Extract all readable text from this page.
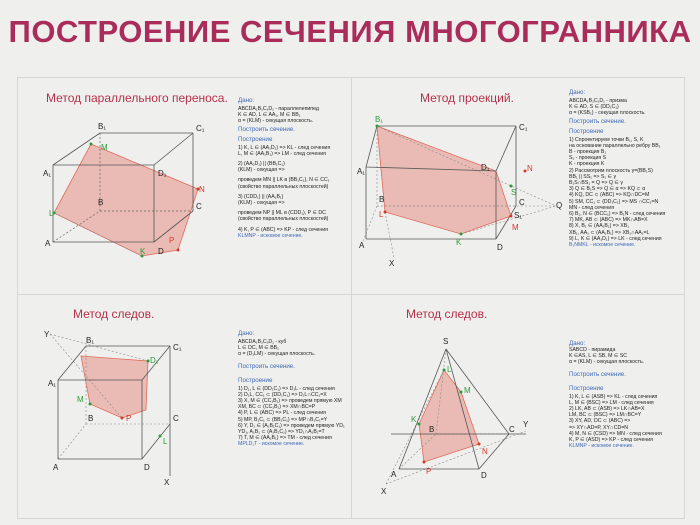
ПОСТРОЕНИЕ СЕЧЕНИЯ МНОГОГРАННИКА
Метод параллельного переноса.
A
B	C
D
A₁
B₁	C₁
D₁
K
L
M
N
P

Дано:

ABCDA₁B₁C₁D₁ - параллелепипед

K ∈ AD, L ∈ AA₁, M ∈ BB₁

α = (KLM) - секущая плоскость.

Построить сечение.

Построение

1) K, L ∈ (AA₁D₁) => KL - след сечения

L, M ∈ (AA₁B₁) => LM - след сечения

2) (AA₁D₁) || (BB₁C₁)

(KLM) - секущая =>

проведем MN || LK в (BB₁C₁), N ∈ CC₁

(свойство параллельных плоскостей)

3) (CDD₁) || (AA₁B₁)

(KLM) - секущая =>

проведем NP || ML в (CDD₁), P ∈ DC

(свойство параллельных плоскостей)

4) K, P ∈ (ABC) => KP - след сечения

KLMNP - искомое сечение.

Метод проекций.
A
B	C
D
A₁
B₁
C₁
D₁
K
L
M
N
S
S₁
Q
X

Дано:

ABCDA₁B₁C₁D₁ - призма

K ∈ AD, S ∈ (DD₁C₁)

α = (KSB₁) - секущая плоскость.

Построить сечение.

Построение

1) Спроектируем точки B₁, S, K

на основание параллельно ребру BB₁

B - проекция B₁

S₁ - проекция S

K - проекция K

2) Рассмотрим плоскость γ=(BB₁S)

BB₁ || SS₁ => S₁ ∈ γ

B₁S∩BS₁ = Q => Q ∈ γ

3) Q ∈ B₁S => Q ∈ α => KQ ⊂ α

4) KQ, DC ⊂ (ABC) => KQ∩DC=M

5) SM, CC₁ ⊂ (DD₁C₁) => MS ∩CC₁=N

MN - след сечения

6) B₁, N ∈ (BCC₁) => B₁N - след сечения

7) MK, AB ⊂ (ABC) => MK∩AB=X

8) X, B₁ ∈ (AA₁B₁) => XB₁

XB₁, AA₁ ⊂ (AA₁B₁) => XB₁∩AA₁=L

9) L, K ∈ (AA₁D₁) => LK - след сечения

B₁NMKL - искомое сечение.

Метод следов.
A
B	C
D
A₁
B₁
C₁
D₁
L
M
P
X
Y	Дано:

ABCDA₁B₁C₁D₁ - куб

L ∈ DC, M ∈ BB₁

α = (D₁LM) - секущая плоскость.

Построить сечение.

Построение

1) D₁, L ∈ (DD₁C₁) => D₁L - след сечения

2) D₁L, CC₁ ⊂ (DD₁C₁) => D₁L∩CC₁=X

3) X, M ∈ (CC₁B₁) => проведем прямую XM

XM, BC ⊂ (CC₁B₁) => XM∩BC=P

4) P, L ∈ (ABC) => PL - след сечения

5) MP, B₁C₁ ⊂ (BB₁C₁) => MP∩B₁C₁=Y

6) Y, D₁ ∈ (A₁B₁C₁) => проведем прямую YD₁

YD₁, A₁B₁ ⊂ (A₁B₁C₁) => YD₁∩A₁B₁=T

7) T, M ∈ (AA₁B₁) => TM - след сечения

MPLD₁T - искомое сечение.

Метод следов.
S
A
B	C
D
K
L
M
N
P
X
Y

SABCD - пирамида

K ∈AS, L ∈ SB, M ∈ SC

α = (KLM) - секущая плоскость.

Построить сечение.

Построение

1) K, L ∈ (ASB) => KL - след сечения

L, M ∈ (BSC) => LM - след сечения

2) LK, AB ⊂ (ASB) => LK∩AB=X

LM, BC ⊂ (BSC) => LM∩BC=Y

3) XY, AD, DC ⊂ (ABC) =>

=> XY∩AD=P, XY∩CD=N

4) M, N ∈ (CSD) => MN - след сечения

K, P ∈ (ASD) => KP - след сечения

KLMNP - искомое сечение.

Дано:
